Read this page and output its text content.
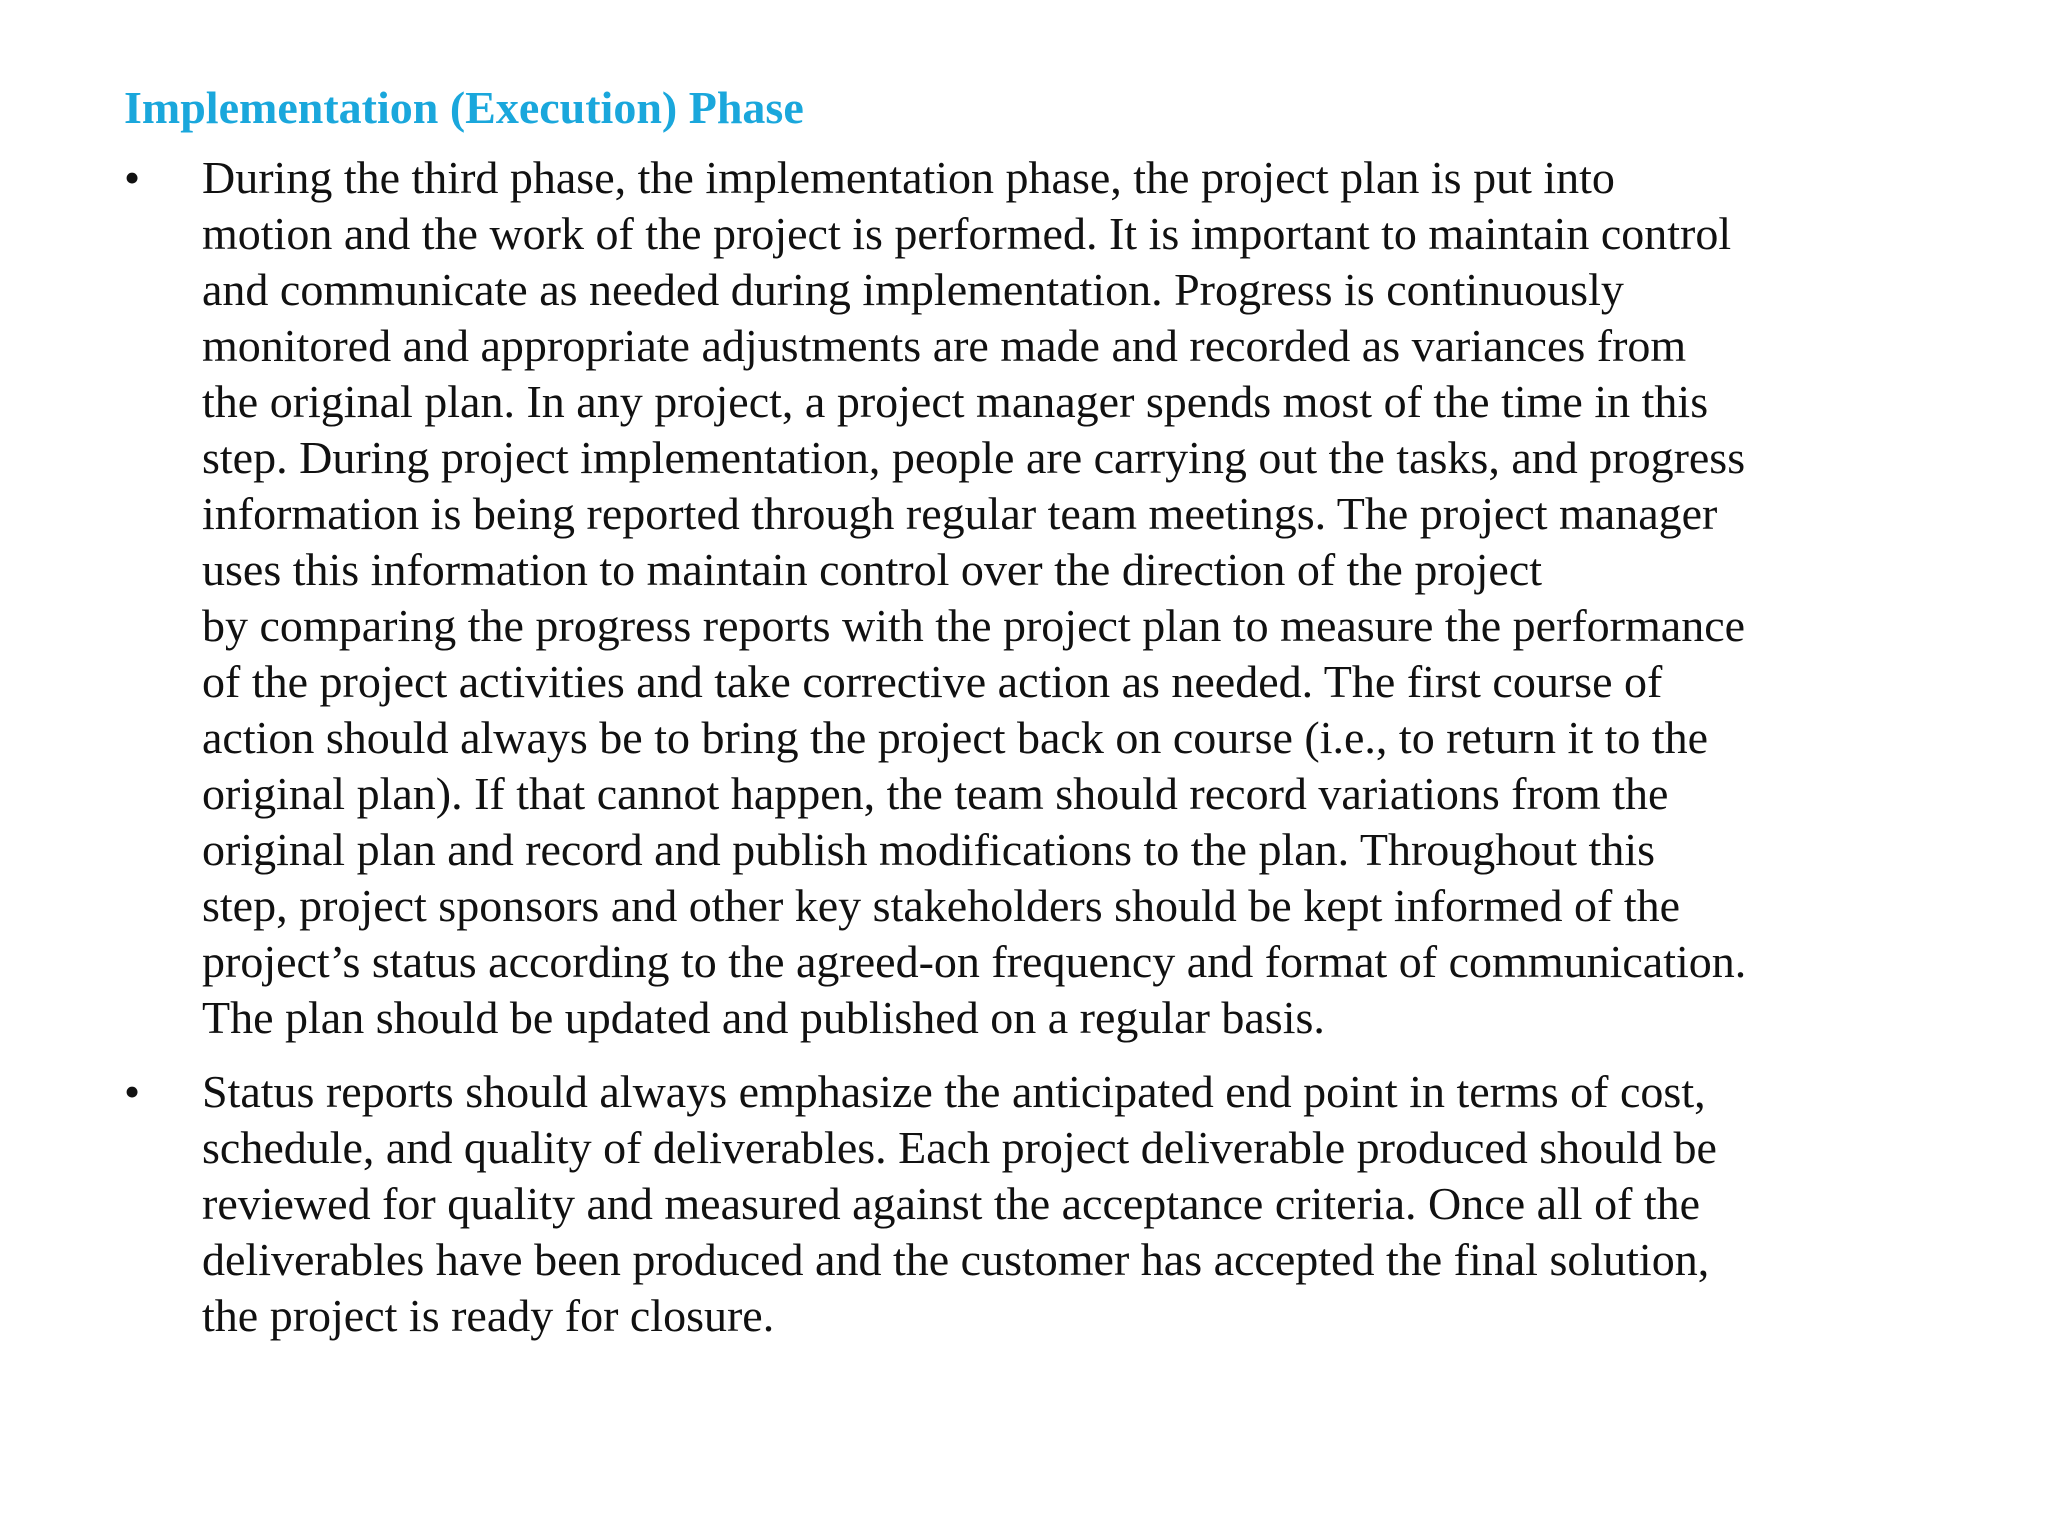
Implementation (Execution) Phase
• During the third phase, the implementation phase, the project plan is put into
motion and the work of the project is performed. It is important to maintain control
and communicate as needed during implementation. Progress is continuously
monitored and appropriate adjustments are made and recorded as variances from
the original plan. In any project, a project manager spends most of the time in this
step. During project implementation, people are carrying out the tasks, and progress
information is being reported through regular team meetings. The project manager
uses this information to maintain control over the direction of the project
by comparing the progress reports with the project plan to measure the performance
of the project activities and take corrective action as needed. The first course of
action should always be to bring the project back on course (i.e., to return it to the
original plan). If that cannot happen, the team should record variations from the
original plan and record and publish modifications to the plan. Throughout this
step, project sponsors and other key stakeholders should be kept informed of the
project’s status according to the agreed-on frequency and format of communication.
The plan should be updated and published on a regular basis.
• Status reports should always emphasize the anticipated end point in terms of cost,
schedule, and quality of deliverables. Each project deliverable produced should be
reviewed for quality and measured against the acceptance criteria. Once all of the
deliverables have been produced and the customer has accepted the final solution,
the project is ready for closure.
